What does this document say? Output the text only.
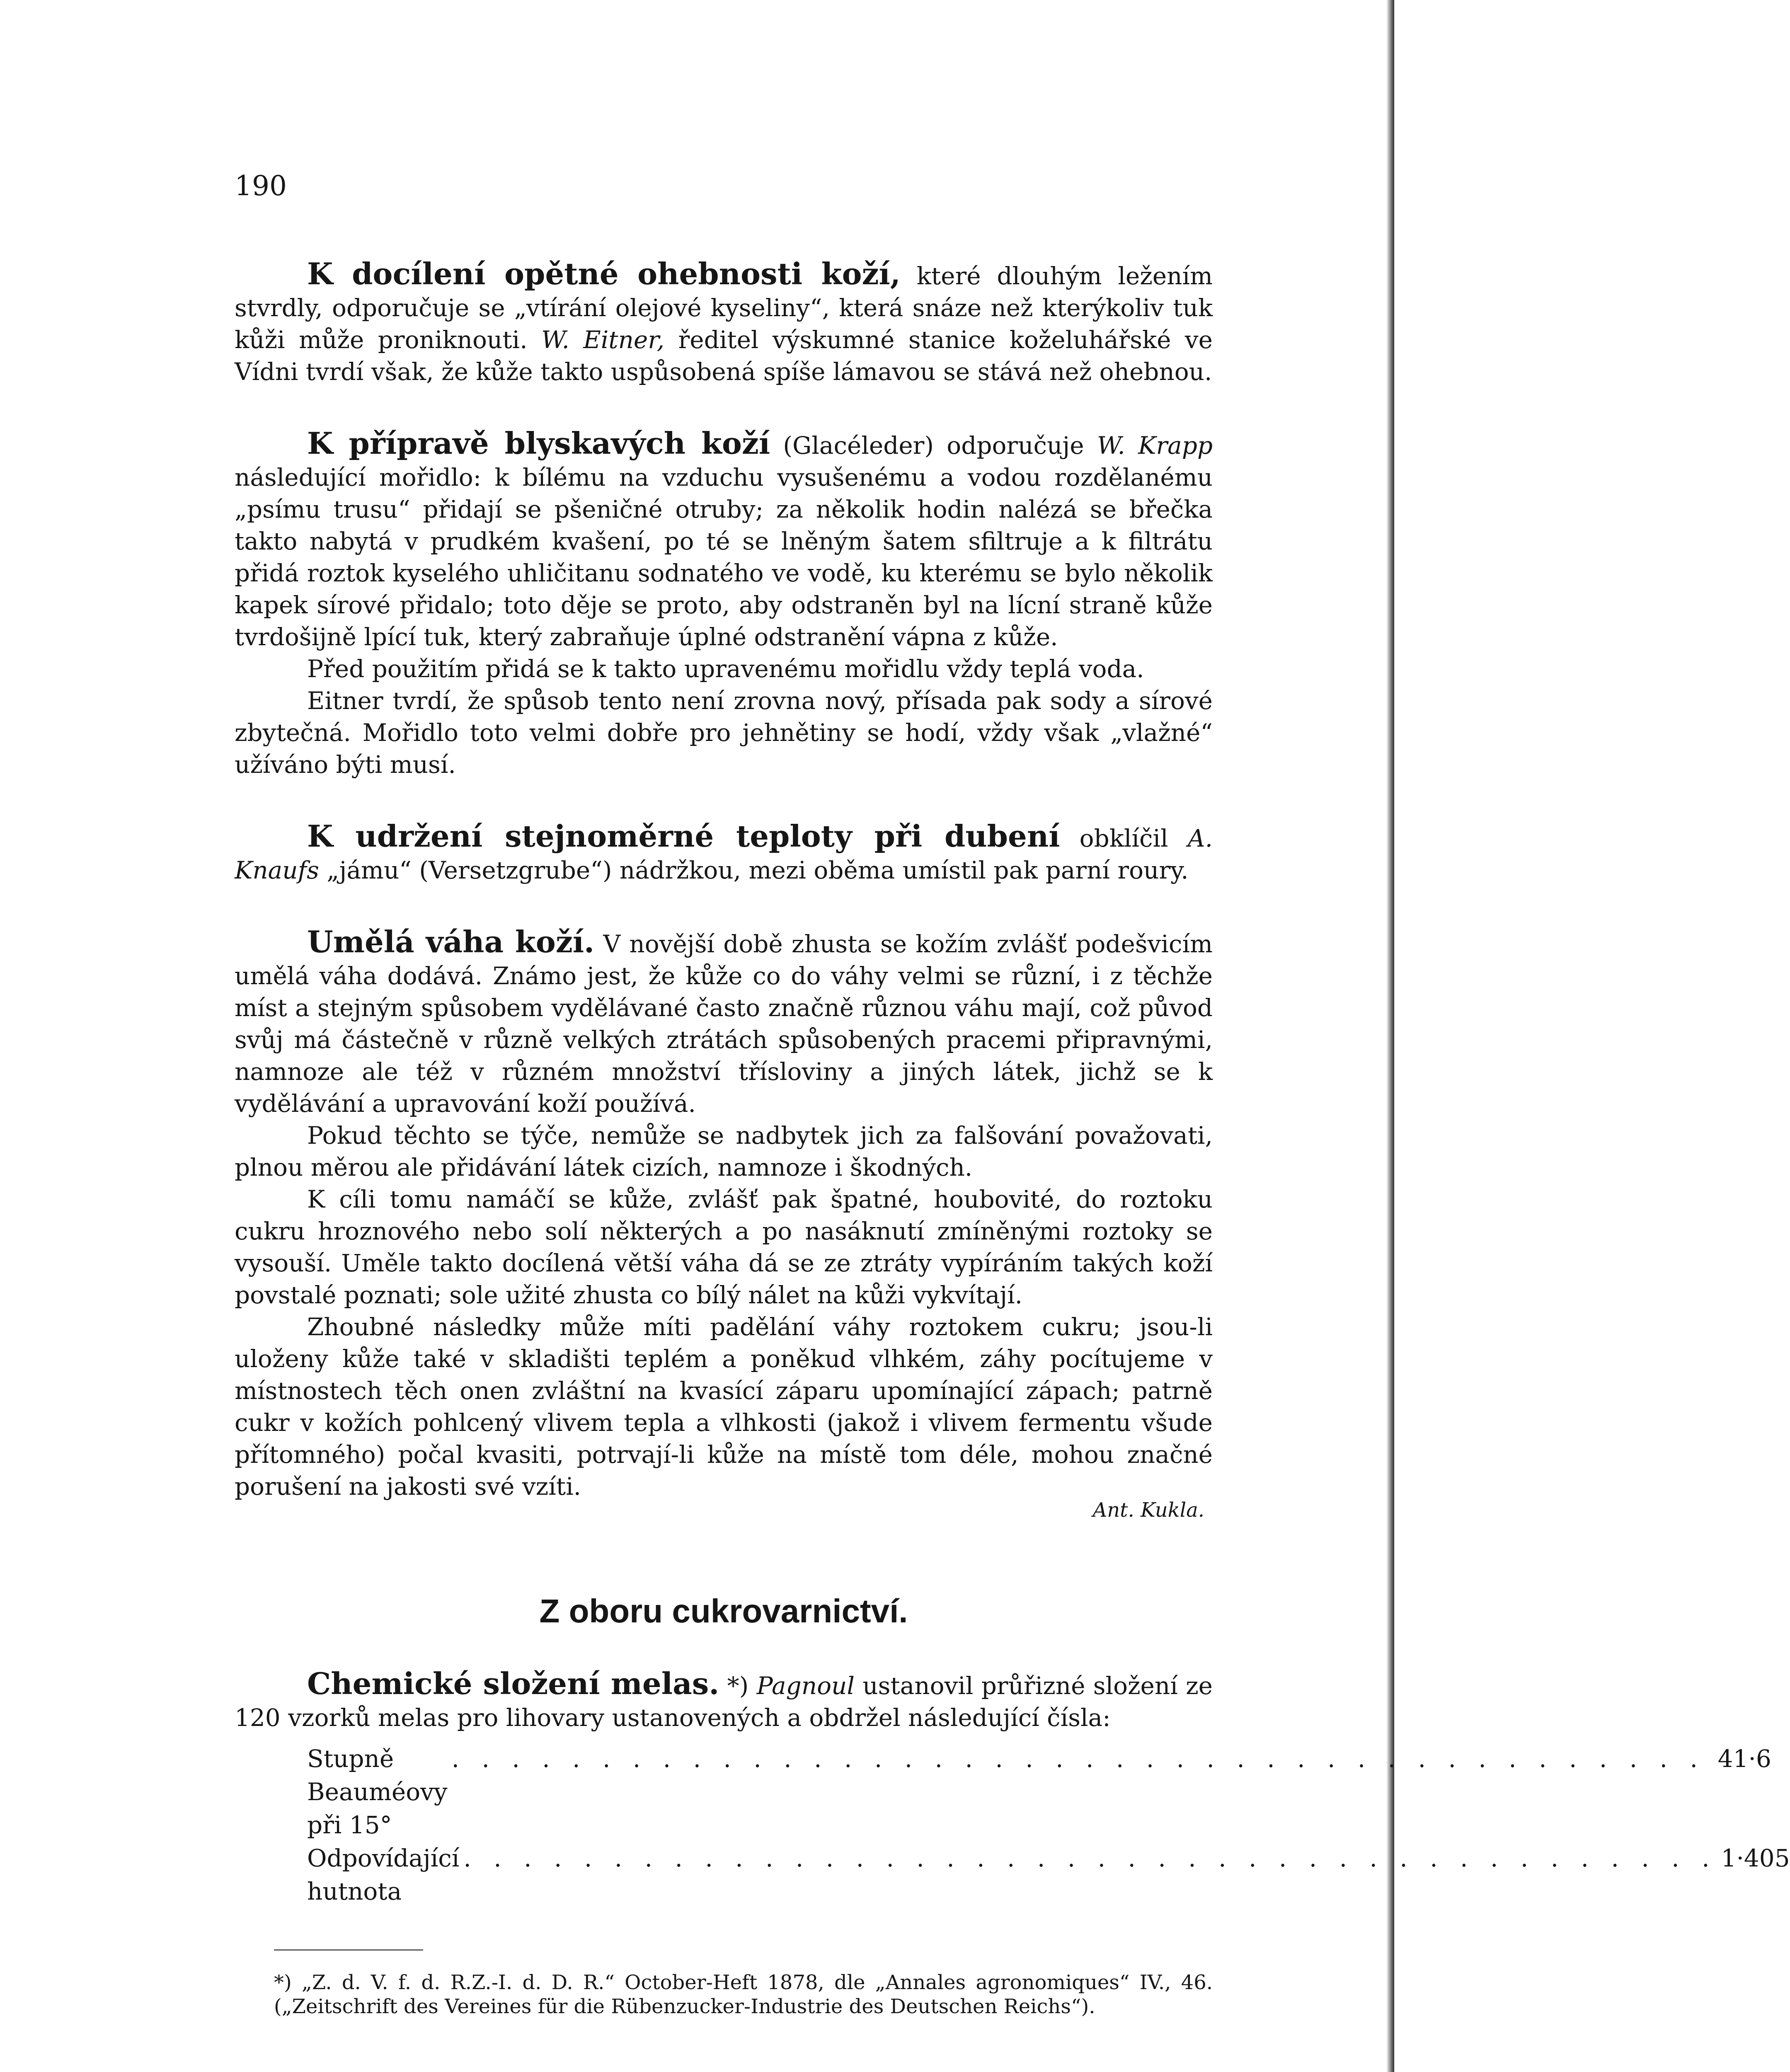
190

K docílení opětné ohebnosti koží, které dlouhým ležením stvrdly, odporučuje se „vtírání olejové kyseliny“, která snáze než kterýkoliv tuk kůži může proniknouti. W. Eitner, ředitel výskumné stanice koželuhářské ve Vídni tvrdí však, že kůže takto uspůsobená spíše lámavou se stává než ohebnou.

K přípravě blyskavých koží (Glacéleder) odporučuje W. Krapp následující mořidlo: k bílému na vzduchu vysušenému a vodou rozdělanému „psímu trusu“ přidají se pšeničné otruby; za několik hodin nalézá se břečka takto nabytá v prudkém kvašení, po té se lněným šatem sfiltruje a k filtrátu přidá roztok kyselého uhličitanu sodnatého ve vodě, ku kterému se bylo několik kapek sírové přidalo; toto děje se proto, aby odstraněn byl na lícní straně kůže tvrdošijně lpící tuk, který zabraňuje úplné odstranění vápna z kůže.

Před použitím přidá se k takto upravenému mořidlu vždy teplá voda.

Eitner tvrdí, že spůsob tento není zrovna nový, přísada pak sody a sírové zbytečná. Mořidlo toto velmi dobře pro jehnětiny se hodí, vždy však „vlažné“ užíváno býti musí.

K udržení stejnoměrné teploty při dubení obklíčil A. Knaufs „jámu“ (Versetzgrube“) nádržkou, mezi oběma umístil pak parní roury.

Umělá váha koží. V novější době zhusta se kožím zvlášť podešvicím umělá váha dodává. Známo jest, že kůže co do váhy velmi se různí, i z těchže míst a stejným spůsobem vydělávané často značně různou váhu mají, což původ svůj má částečně v různě velkých ztrátách spůsobených pracemi připravnými, namnoze ale též v různém množství třísloviny a jiných látek, jichž se k vydělávání a upravování koží používá.

Pokud těchto se týče, nemůže se nadbytek jich za falšování považovati, plnou měrou ale přidávání látek cizích, namnoze i škodných.

K cíli tomu namáčí se kůže, zvlášť pak špatné, houbovité, do roztoku cukru hroznového nebo solí některých a po nasáknutí zmíněnými roztoky se vysouší. Uměle takto docílená větší váha dá se ze ztráty vypíráním takých koží povstalé poznati; sole užité zhusta co bílý nálet na kůži vykvítají.

Zhoubné následky může míti padělání váhy roztokem cukru; jsou-li uloženy kůže také v skladišti teplém a poněkud vlhkém, záhy pocítujeme v místnostech těch onen zvláštní na kvasící záparu upomínající zápach; patrně cukr v kožích pohlcený vlivem tepla a vlhkosti (jakož i vlivem fermentu všude přítomného) počal kvasiti, potrvají-li kůže na místě tom déle, mohou značné porušení na jakosti své vzíti.

Ant. Kukla.
Z oboru cukrovarnictví.

Chemické složení melas. *) Pagnoul ustanovil průřizné složení ze 120 vzorků melas pro lihovary ustanovených a obdržel následující čísla:

Stupně Beauméovy při 15°
. . . . . . . . . . . . . . . . . . . . . . . . . . . . . . . . . . . . . . . . . . 41·6
Odpovídající hutnota
. . . . . . . . . . . . . . . . . . . . . . . . . . . . . . . . . . . . . . . . . . 1·405

*) „Z. d. V. f. d. R.Z.-I. d. D. R.“ October-Heft 1878, dle „Annales agronomiques“ IV., 46. („Zeitschrift des Vereines für die Rübenzucker-Industrie des Deutschen Reichs“).
